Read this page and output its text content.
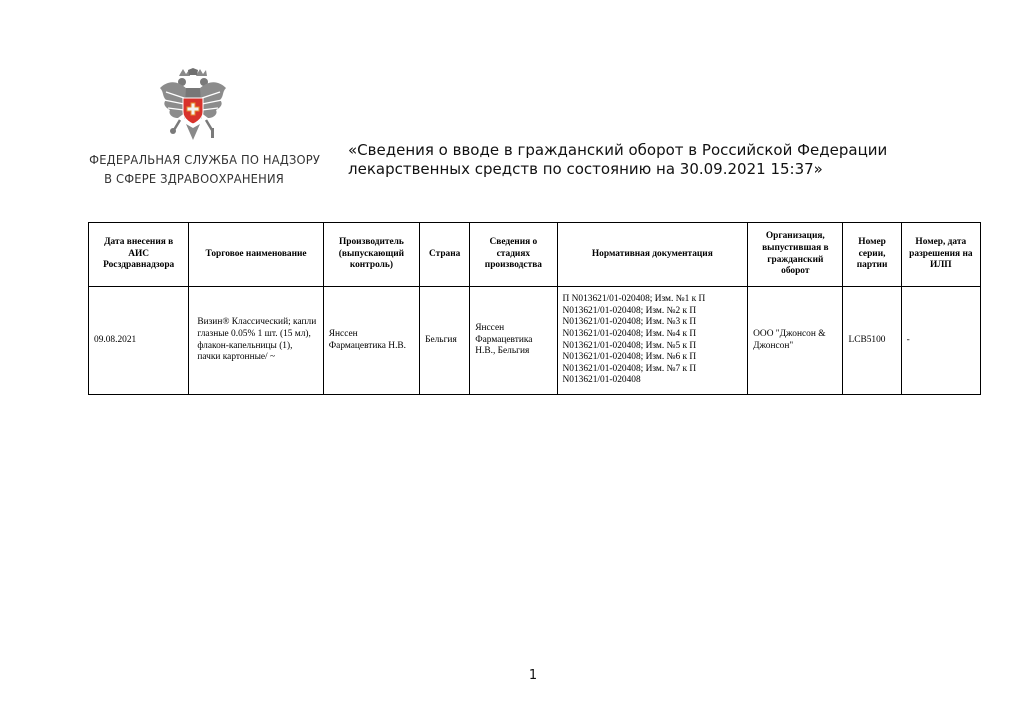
ФЕДЕРАЛЬНАЯ СЛУЖБА ПО НАДЗОРУ
В СФЕРЕ ЗДРАВООХРАНЕНИЯ
«Сведения о вводе в гражданский оборот в Российской Федерации лекарственных средств по состоянию на 30.09.2021 15:37»
Дата внесения в АИС Росздравнадзора	Торговое наименование	Производитель (выпускающий контроль)	Страна	Сведения о стадиях производства	Нормативная документация	Организация, выпустившая в гражданский оборот	Номер серии, партии	Номер, дата разрешения на ИЛП
09.08.2021	Визин® Классический; капли глазные 0.05% 1 шт. (15 мл), флакон-капельницы (1), пачки картонные/ ~	Янссен Фармацевтика Н.В.	Бельгия	Янссен Фармацевтика Н.В., Бельгия	П N013621/01-020408; Изм. №1 к П N013621/01-020408; Изм. №2 к П N013621/01-020408; Изм. №3 к П N013621/01-020408; Изм. №4 к П N013621/01-020408; Изм. №5 к П N013621/01-020408; Изм. №6 к П N013621/01-020408; Изм. №7 к П N013621/01-020408	ООО "Джонсон & Джонсон"	LCB5100	-
1
